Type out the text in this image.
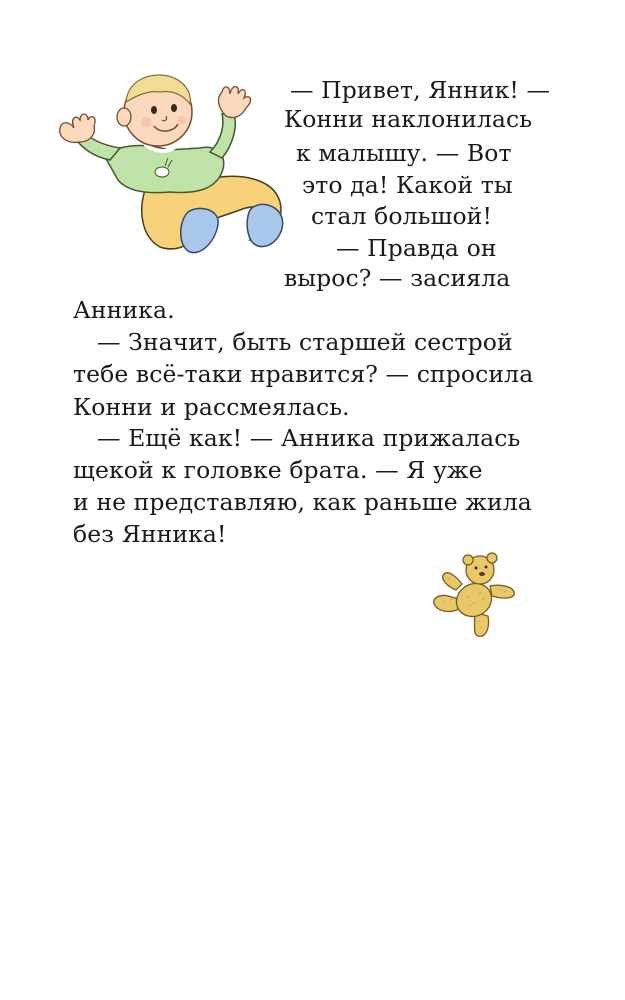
— Привет, Янник! —
Конни наклонилась
к малышу. — Вот
это да! Какой ты
стал большой!
— Правда он
вырос? — засияла
Анника.
— Значит, быть старшей сестрой
тебе всё-таки нравится? — спросила
Конни и рассмеялась.
— Ещё как! — Анника прижалась
щекой к головке брата. — Я уже
и не представляю, как раньше жила
без Янника!
